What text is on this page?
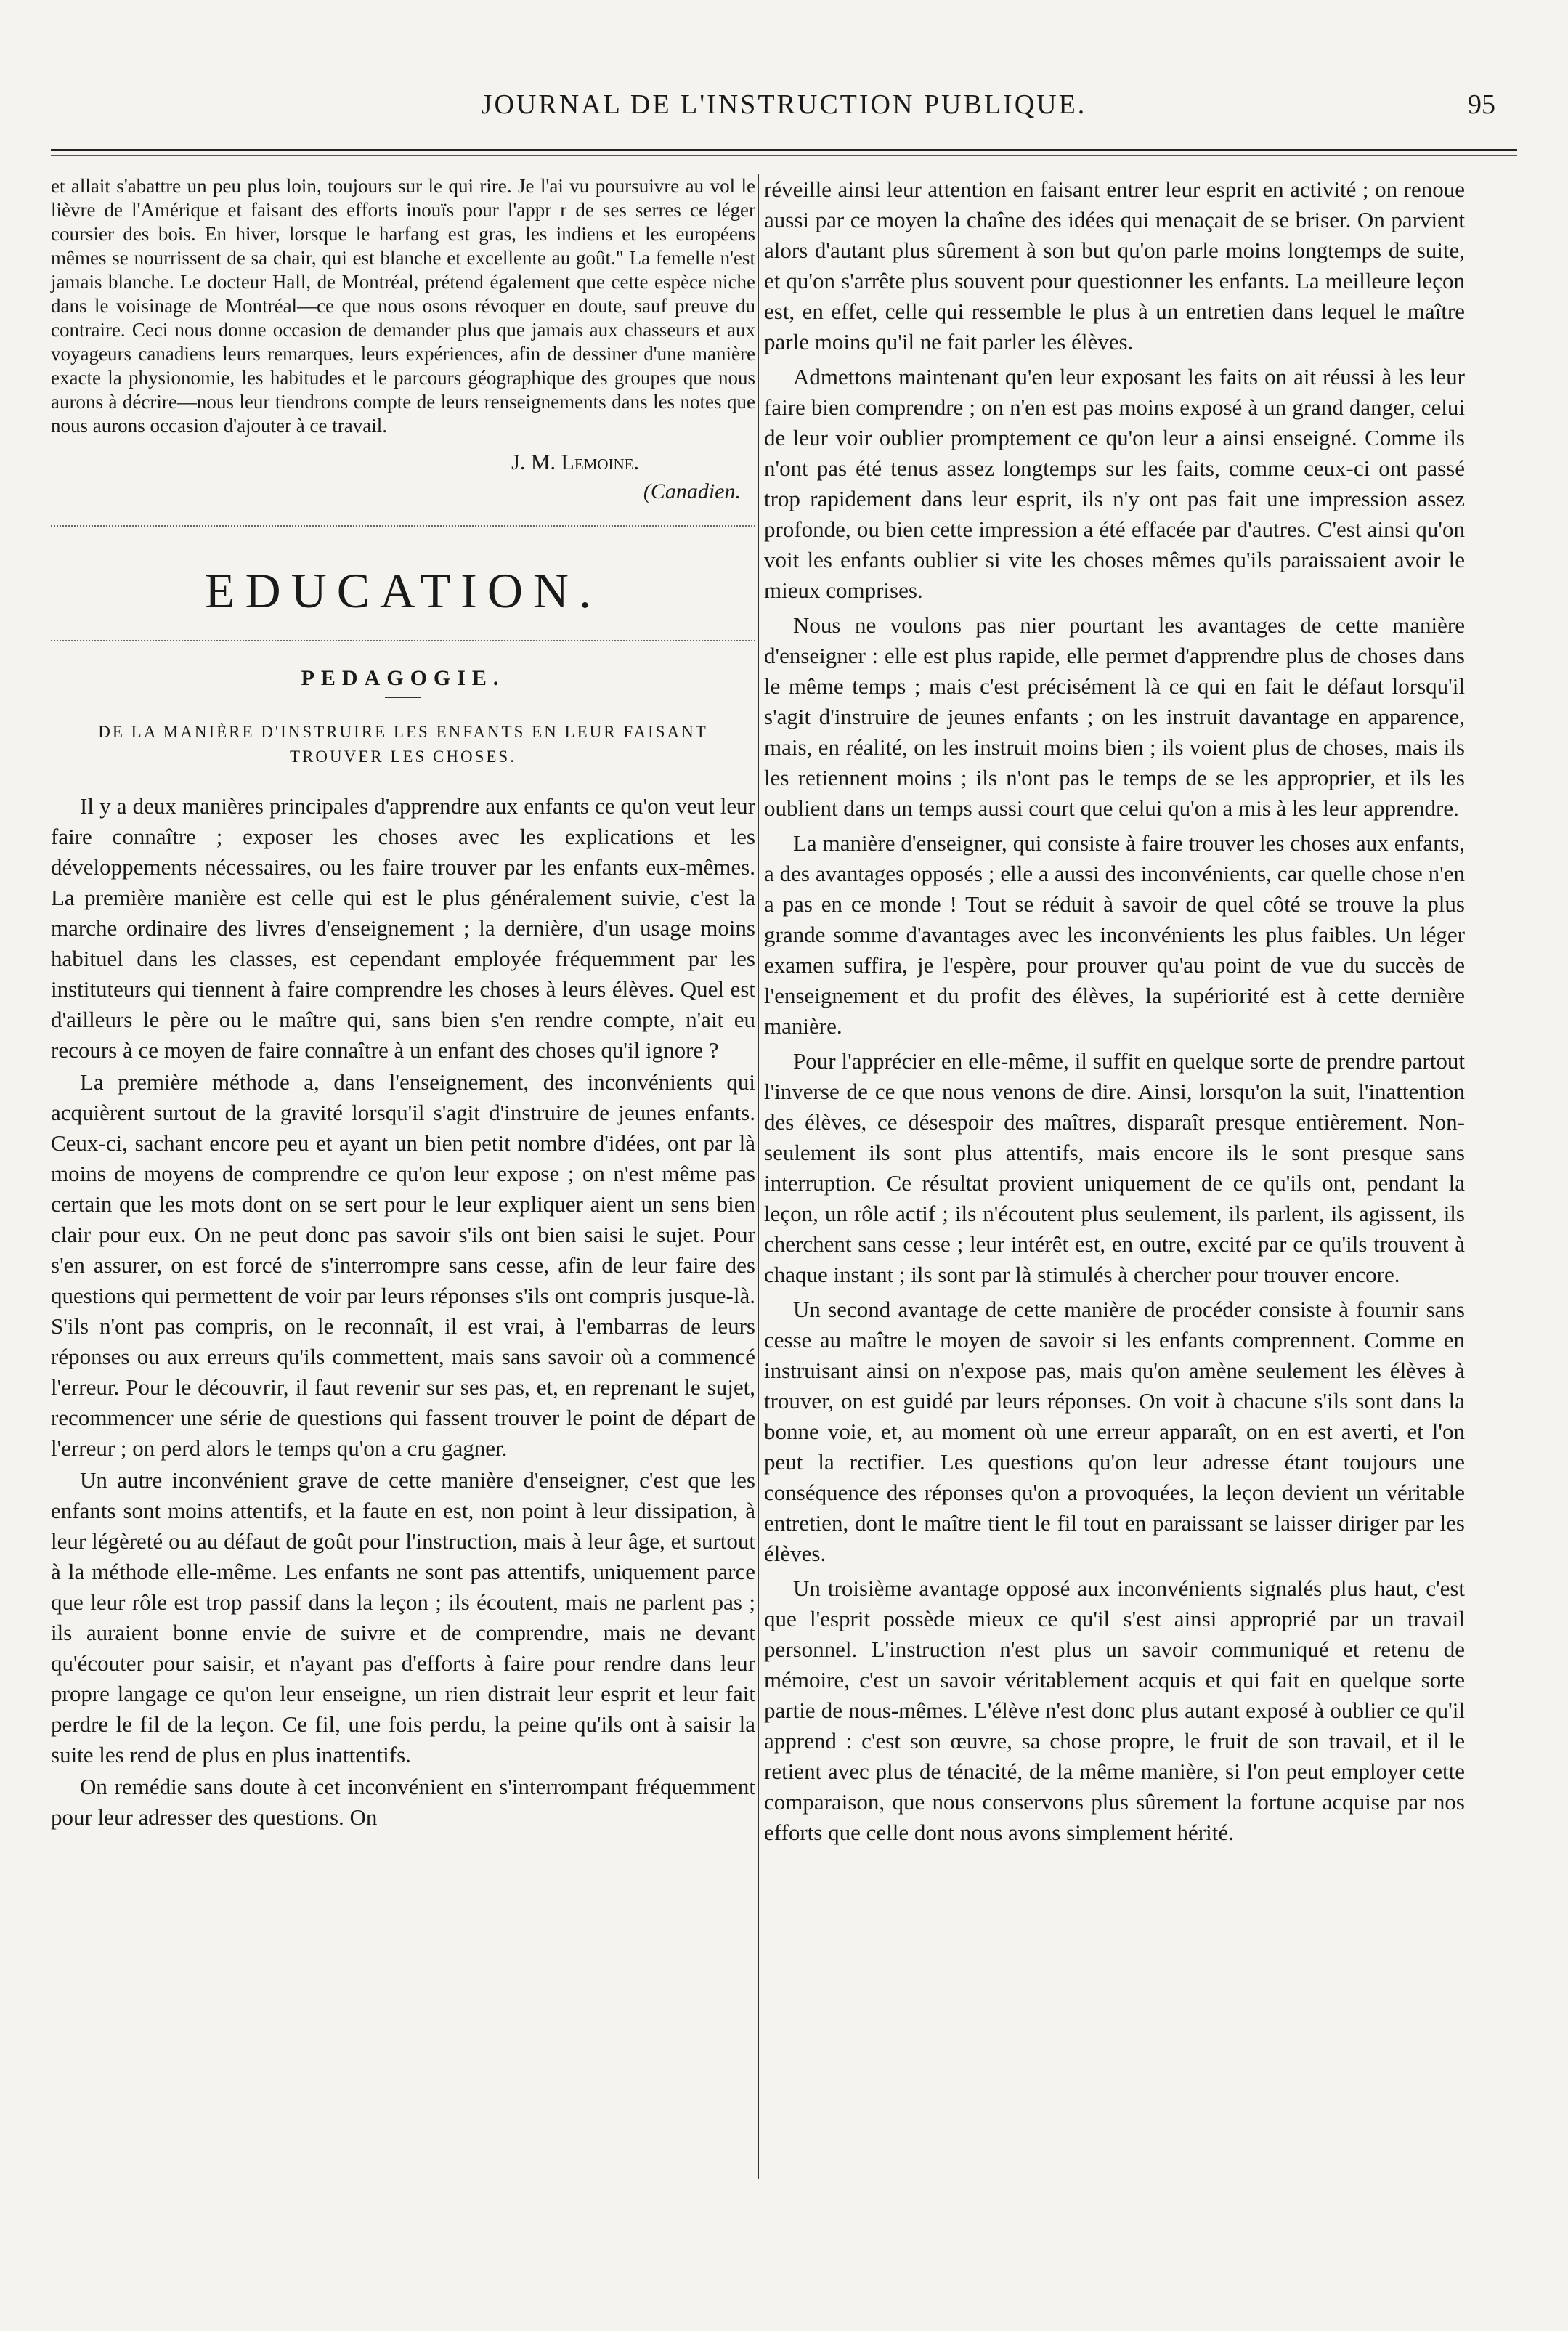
JOURNAL DE L'INSTRUCTION PUBLIQUE.	95

et allait s'abattre un peu plus loin, toujours sur le qui rire. Je l'ai vu poursuivre au vol le lièvre de l'Amérique et faisant des efforts inouïs pour l'appr r de ses serres ce léger coursier des bois. En hiver, lorsque le harfang est gras, les indiens et les européens mêmes se nourrissent de sa chair, qui est blanche et excellente au goût." La femelle n'est jamais blanche. Le docteur Hall, de Montréal, prétend également que cette espèce niche dans le voisinage de Montréal—ce que nous osons révoquer en doute, sauf preuve du contraire. Ceci nous donne occasion de demander plus que jamais aux chasseurs et aux voyageurs canadiens leurs remarques, leurs expériences, afin de dessiner d'une manière exacte la physionomie, les habitudes et le parcours géographique des groupes que nous aurons à décrire—nous leur tiendrons compte de leurs renseignements dans les notes que nous aurons occasion d'ajouter à ce travail.

J. M. Lemoine.
(Canadien.
EDUCATION.
PEDAGOGIE.
DE LA MANIÈRE D'INSTRUIRE LES ENFANTS EN LEUR FAISANT TROUVER LES CHOSES.

Il y a deux manières principales d'apprendre aux enfants ce qu'on veut leur faire connaître ; exposer les choses avec les explications et les développements nécessaires, ou les faire trouver par les enfants eux-mêmes. La première manière est celle qui est le plus généralement suivie, c'est la marche ordinaire des livres d'enseignement ; la dernière, d'un usage moins habituel dans les classes, est cependant employée fréquemment par les instituteurs qui tiennent à faire comprendre les choses à leurs élèves. Quel est d'ailleurs le père ou le maître qui, sans bien s'en rendre compte, n'ait eu recours à ce moyen de faire connaître à un enfant des choses qu'il ignore ?

La première méthode a, dans l'enseignement, des inconvénients qui acquièrent surtout de la gravité lorsqu'il s'agit d'instruire de jeunes enfants. Ceux-ci, sachant encore peu et ayant un bien petit nombre d'idées, ont par là moins de moyens de comprendre ce qu'on leur expose ; on n'est même pas certain que les mots dont on se sert pour le leur expliquer aient un sens bien clair pour eux. On ne peut donc pas savoir s'ils ont bien saisi le sujet. Pour s'en assurer, on est forcé de s'interrompre sans cesse, afin de leur faire des questions qui permettent de voir par leurs réponses s'ils ont compris jusque-là. S'ils n'ont pas compris, on le reconnaît, il est vrai, à l'embarras de leurs réponses ou aux erreurs qu'ils commettent, mais sans savoir où a commencé l'erreur. Pour le découvrir, il faut revenir sur ses pas, et, en reprenant le sujet, recommencer une série de questions qui fassent trouver le point de départ de l'erreur ; on perd alors le temps qu'on a cru gagner.

Un autre inconvénient grave de cette manière d'enseigner, c'est que les enfants sont moins attentifs, et la faute en est, non point à leur dissipation, à leur légèreté ou au défaut de goût pour l'instruction, mais à leur âge, et surtout à la méthode elle-même. Les enfants ne sont pas attentifs, uniquement parce que leur rôle est trop passif dans la leçon ; ils écoutent, mais ne parlent pas ; ils auraient bonne envie de suivre et de comprendre, mais ne devant qu'écouter pour saisir, et n'ayant pas d'efforts à faire pour rendre dans leur propre langage ce qu'on leur enseigne, un rien distrait leur esprit et leur fait perdre le fil de la leçon. Ce fil, une fois perdu, la peine qu'ils ont à saisir la suite les rend de plus en plus inattentifs.

On remédie sans doute à cet inconvénient en s'interrompant fréquemment pour leur adresser des questions. On

réveille ainsi leur attention en faisant entrer leur esprit en activité ; on renoue aussi par ce moyen la chaîne des idées qui menaçait de se briser. On parvient alors d'autant plus sûrement à son but qu'on parle moins longtemps de suite, et qu'on s'arrête plus souvent pour questionner les enfants. La meilleure leçon est, en effet, celle qui ressemble le plus à un entretien dans lequel le maître parle moins qu'il ne fait parler les élèves.

Admettons maintenant qu'en leur exposant les faits on ait réussi à les leur faire bien comprendre ; on n'en est pas moins exposé à un grand danger, celui de leur voir oublier promptement ce qu'on leur a ainsi enseigné. Comme ils n'ont pas été tenus assez longtemps sur les faits, comme ceux-ci ont passé trop rapidement dans leur esprit, ils n'y ont pas fait une impression assez profonde, ou bien cette impression a été effacée par d'autres. C'est ainsi qu'on voit les enfants oublier si vite les choses mêmes qu'ils paraissaient avoir le mieux comprises.

Nous ne voulons pas nier pourtant les avantages de cette manière d'enseigner : elle est plus rapide, elle permet d'apprendre plus de choses dans le même temps ; mais c'est précisément là ce qui en fait le défaut lorsqu'il s'agit d'instruire de jeunes enfants ; on les instruit davantage en apparence, mais, en réalité, on les instruit moins bien ; ils voient plus de choses, mais ils les retiennent moins ; ils n'ont pas le temps de se les approprier, et ils les oublient dans un temps aussi court que celui qu'on a mis à les leur apprendre.

La manière d'enseigner, qui consiste à faire trouver les choses aux enfants, a des avantages opposés ; elle a aussi des inconvénients, car quelle chose n'en a pas en ce monde ! Tout se réduit à savoir de quel côté se trouve la plus grande somme d'avantages avec les inconvénients les plus faibles. Un léger examen suffira, je l'espère, pour prouver qu'au point de vue du succès de l'enseignement et du profit des élèves, la supériorité est à cette dernière manière.

Pour l'apprécier en elle-même, il suffit en quelque sorte de prendre partout l'inverse de ce que nous venons de dire. Ainsi, lorsqu'on la suit, l'inattention des élèves, ce désespoir des maîtres, disparaît presque entièrement. Non-seulement ils sont plus attentifs, mais encore ils le sont presque sans interruption. Ce résultat provient uniquement de ce qu'ils ont, pendant la leçon, un rôle actif ; ils n'écoutent plus seulement, ils parlent, ils agissent, ils cherchent sans cesse ; leur intérêt est, en outre, excité par ce qu'ils trouvent à chaque instant ; ils sont par là stimulés à chercher pour trouver encore.

Un second avantage de cette manière de procéder consiste à fournir sans cesse au maître le moyen de savoir si les enfants comprennent. Comme en instruisant ainsi on n'expose pas, mais qu'on amène seulement les élèves à trouver, on est guidé par leurs réponses. On voit à chacune s'ils sont dans la bonne voie, et, au moment où une erreur apparaît, on en est averti, et l'on peut la rectifier. Les questions qu'on leur adresse étant toujours une conséquence des réponses qu'on a provoquées, la leçon devient un véritable entretien, dont le maître tient le fil tout en paraissant se laisser diriger par les élèves.

Un troisième avantage opposé aux inconvénients signalés plus haut, c'est que l'esprit possède mieux ce qu'il s'est ainsi approprié par un travail personnel. L'instruction n'est plus un savoir communiqué et retenu de mémoire, c'est un savoir véritablement acquis et qui fait en quelque sorte partie de nous-mêmes. L'élève n'est donc plus autant exposé à oublier ce qu'il apprend : c'est son œuvre, sa chose propre, le fruit de son travail, et il le retient avec plus de ténacité, de la même manière, si l'on peut employer cette comparaison, que nous conservons plus sûrement la fortune acquise par nos efforts que celle dont nous avons simplement hérité.
